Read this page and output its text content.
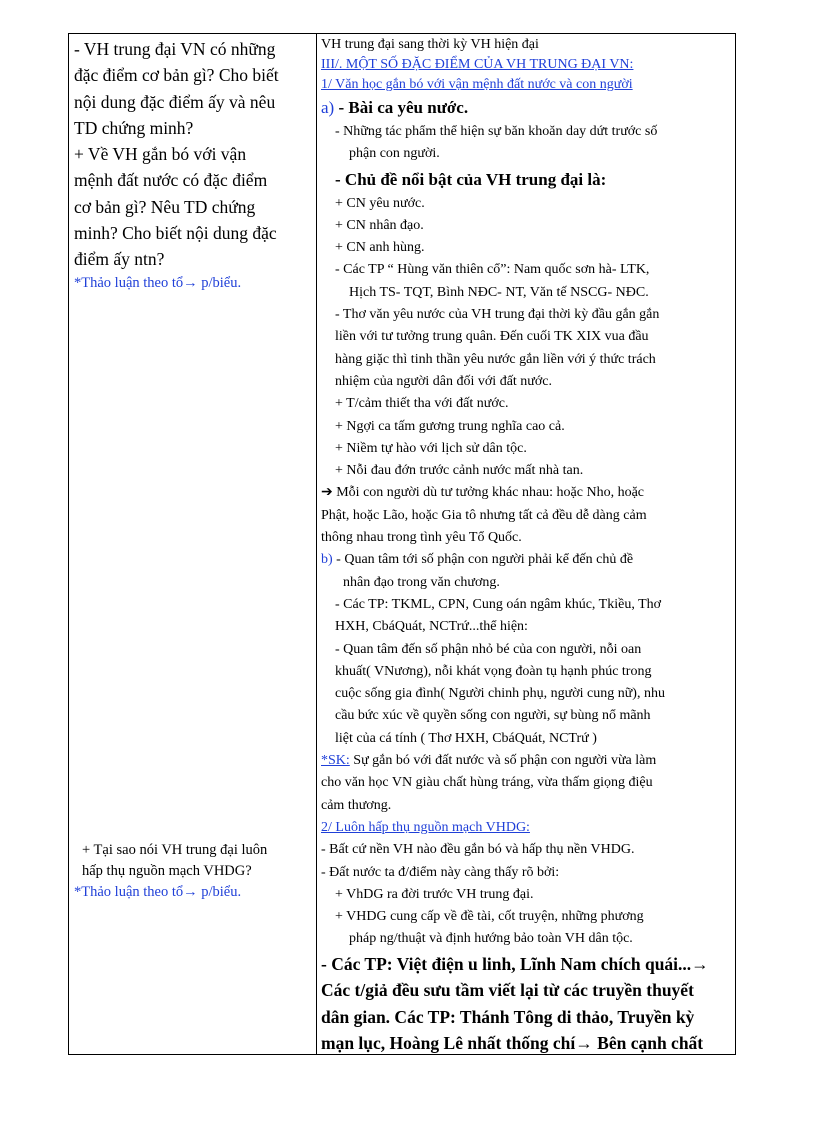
- VH trung đại VN có những

đặc điểm cơ bản gì? Cho biết

nội dung đặc điểm ấy và nêu

TD chứng minh?

+ Về VH gắn bó với vận

mệnh đất nước có đặc điểm

cơ bản gì? Nêu TD chứng

minh? Cho biết nội dung đặc

điểm ấy ntn?

*Thảo luận theo tổ→ p/biểu.

+ Tại sao nói VH trung đại luôn

hấp thụ nguồn mạch VHDG?

*Thảo luận theo tổ→ p/biểu.

VH trung đại sang thời kỳ VH hiện đại

III/. MỘT SỐ ĐẶC ĐIỂM CỦA VH TRUNG ĐẠI VN:

1/ Văn học gắn bó với vận mệnh đất nước và con người

a) - Bài ca yêu nước.

- Những tác phẩm thể hiện sự băn khoăn day dứt trước số

phận con người.

- Chủ đề nổi bật của VH trung đại là:

+ CN yêu nước.

+ CN nhân đạo.

+ CN anh hùng.

- Các TP “ Hùng văn thiên cổ”: Nam quốc sơn hà- LTK,

Hịch TS- TQT, Bình NĐC- NT, Văn tế NSCG- NĐC.

- Thơ văn yêu nước của VH trung đại thời kỳ đầu gắn gắn

liền với tư tưởng trung quân. Đến cuối TK XIX vua đầu

hàng giặc thì tinh thần yêu nước gắn liền với ý thức trách

nhiệm của người dân đối với đất nước.

+ T/cảm thiết tha với đất nước.

+ Ngợi ca tấm gương trung nghĩa cao cả.

+ Niềm tự hào với lịch sử dân tộc.

+ Nỗi đau đớn trước cảnh nước mất nhà tan.

➔ Mỗi con người dù tư tưởng khác nhau: hoặc Nho, hoặc

Phật, hoặc Lão, hoặc Gia tô nhưng tất cả đều dễ dàng cảm

thông nhau trong tình yêu Tổ Quốc.

b) - Quan tâm tới số phận con người phải kể đến chủ đề

nhân đạo trong văn chương.

- Các TP: TKML, CPN, Cung oán ngâm khúc, Tkiều, Thơ

HXH, CbáQuát, NCTrứ...thể hiện:

- Quan tâm đến số phận nhỏ bé của con người, nỗi oan

khuất( VNương), nỗi khát vọng đoàn tụ hạnh phúc trong

cuộc sống gia đình( Người chinh phụ, người cung nữ), nhu

cầu bức xúc về quyền sống con người, sự bùng nổ mãnh

liệt của cá tính ( Thơ HXH, CbáQuát, NCTrứ )

*SK: Sự gắn bó với đất nước và số phận con người vừa làm

cho văn học VN giàu chất hùng tráng, vừa thấm giọng điệu

cảm thương.

2/ Luôn hấp thụ nguồn mạch VHDG:

- Bất cứ nền VH nào đều gắn bó và hấp thụ nền VHDG.

- Đất nước ta đ/điểm này càng thấy rõ bởi:

+ VhDG ra đời trước VH trung đại.

+ VHDG cung cấp về đề tài, cốt truyện, những phương

pháp ng/thuật và định hướng bảo toàn VH dân tộc.

- Các TP: Việt điện u linh, Lĩnh Nam chích quái...→

Các t/giả đều sưu tầm viết lại từ các truyền thuyết

dân gian. Các TP: Thánh Tông di thảo, Truyền kỳ

mạn lục, Hoàng Lê nhất thống chí→ Bên cạnh chất
